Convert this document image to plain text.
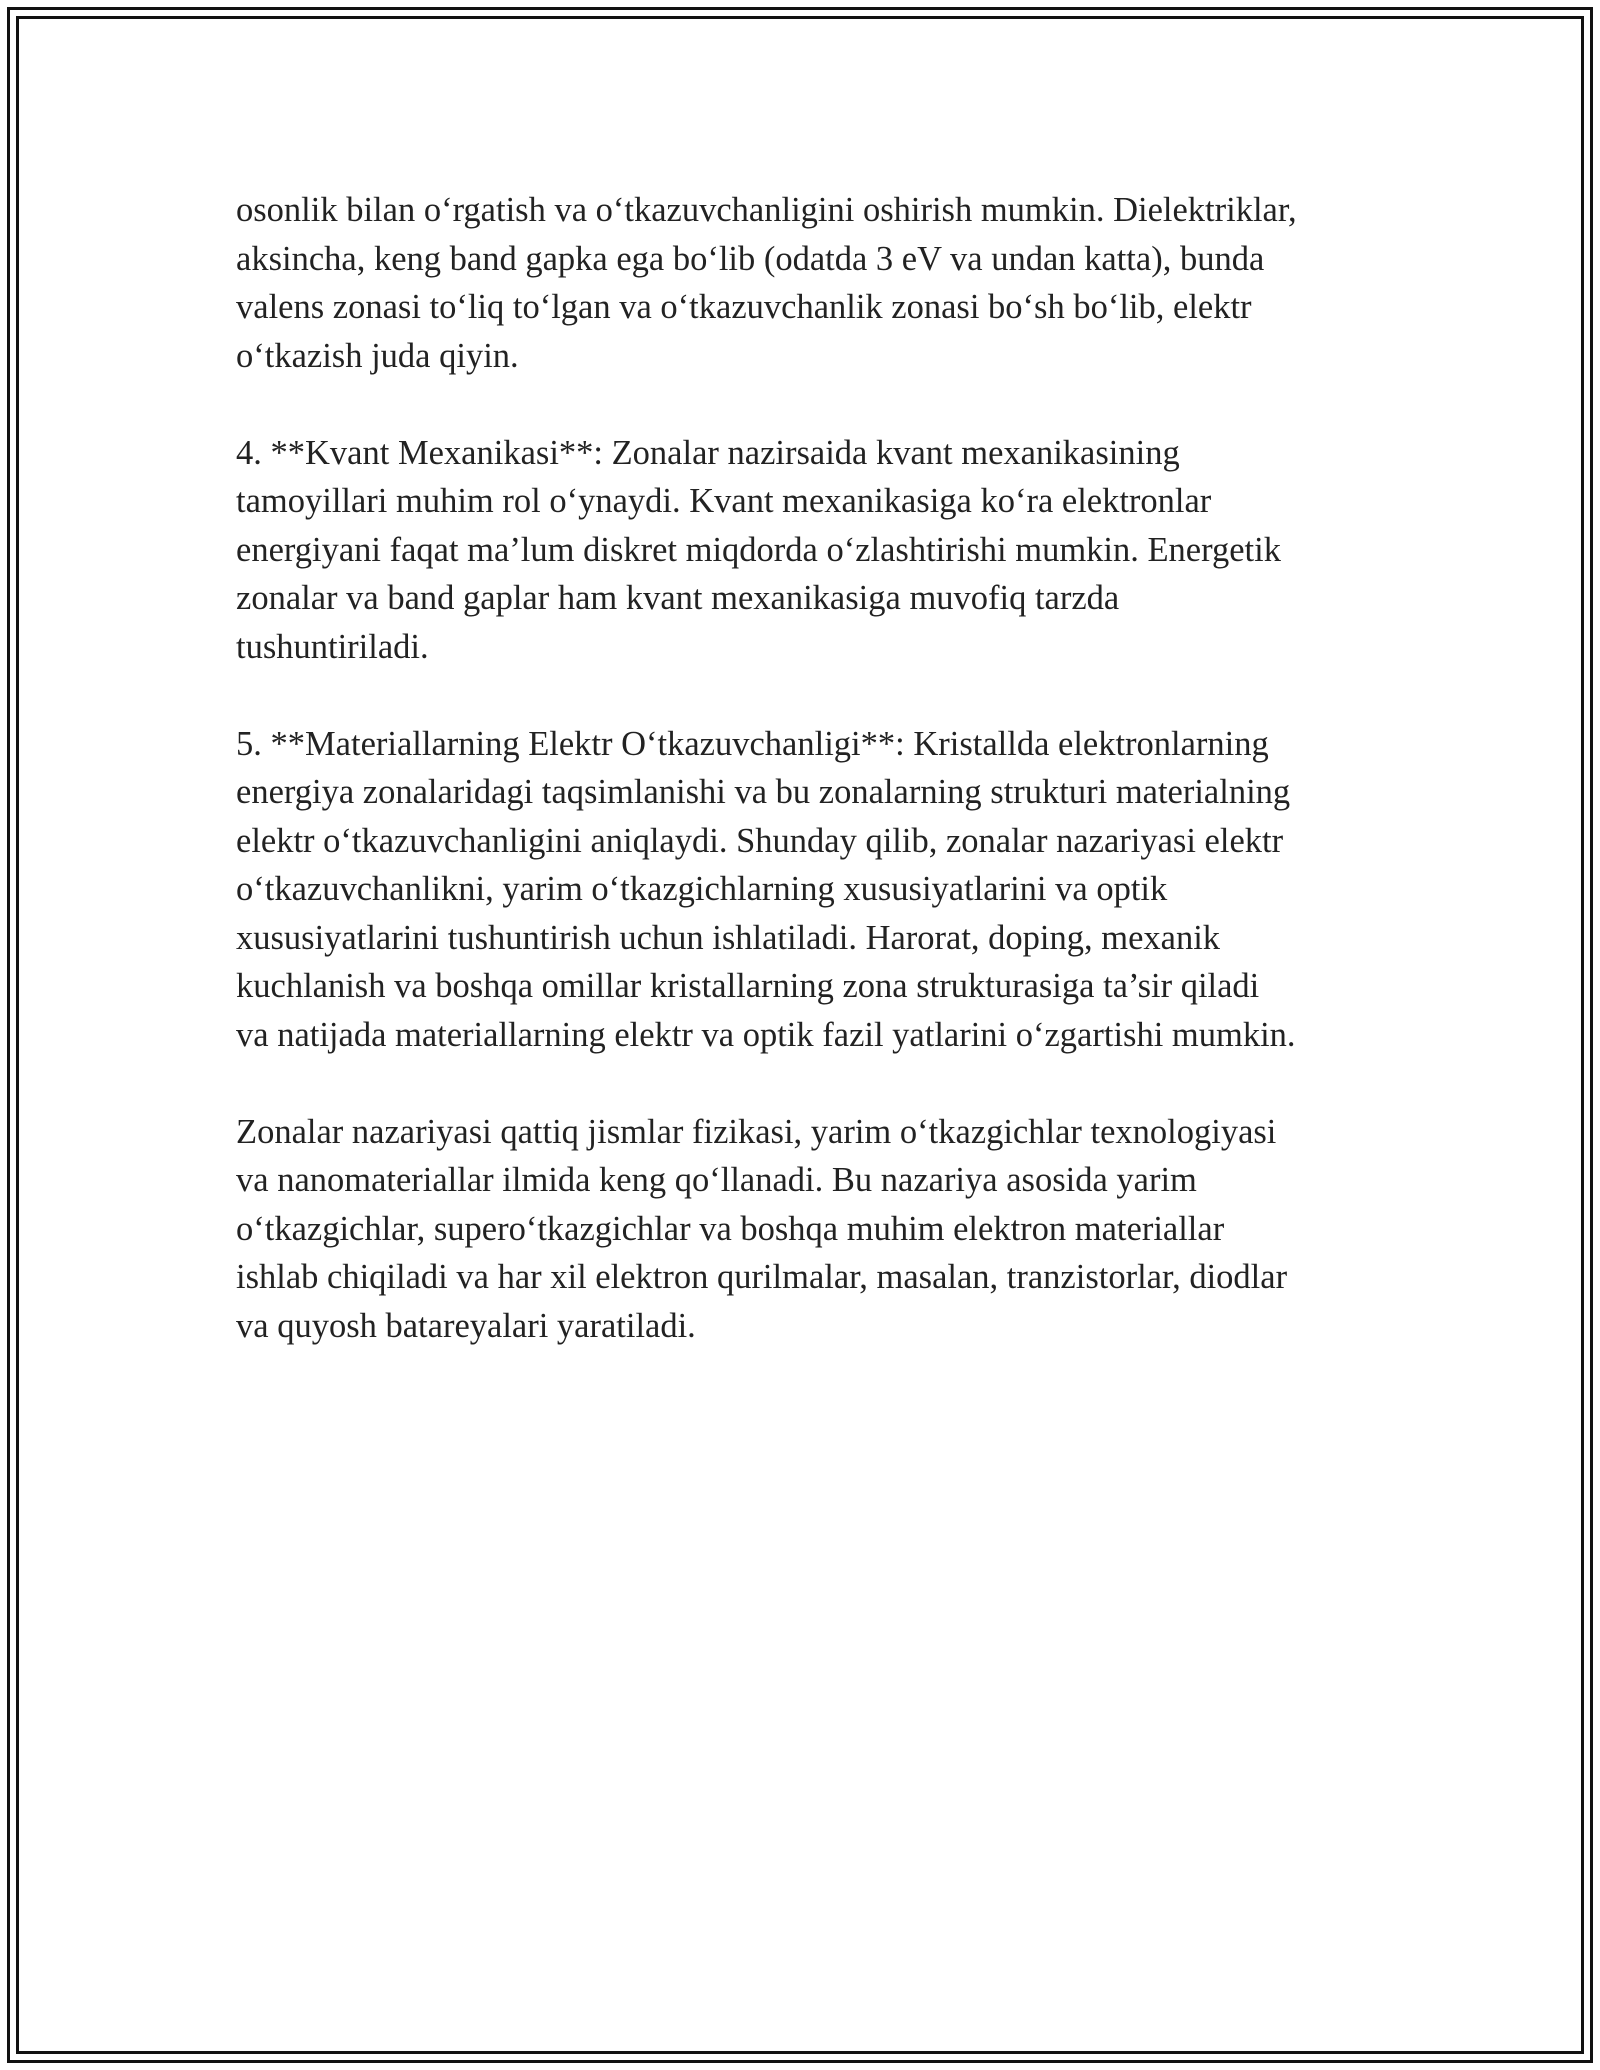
osonlik bilan o‘rgatish va o‘tkazuvchanligini oshirish mumkin. Dielektriklar,
aksincha, keng band gapka ega bo‘lib (odatda 3 eV va undan katta), bunda
valens zonasi to‘liq to‘lgan va o‘tkazuvchanlik zonasi bo‘sh bo‘lib, elektr
o‘tkazish juda qiyin.

4. **Kvant Mexanikasi**: Zonalar nazirsaida kvant mexanikasining
tamoyillari muhim rol o‘ynaydi. Kvant mexanikasiga ko‘ra elektronlar
energiyani faqat ma’lum diskret miqdorda o‘zlashtirishi mumkin. Energetik
zonalar va band gaplar ham kvant mexanikasiga muvofiq tarzda
tushuntiriladi.

5. **Materiallarning Elektr O‘tkazuvchanligi**: Kristallda elektronlarning
energiya zonalaridagi taqsimlanishi va bu zonalarning strukturi materialning
elektr o‘tkazuvchanligini aniqlaydi. Shunday qilib, zonalar nazariyasi elektr
o‘tkazuvchanlikni, yarim o‘tkazgichlarning xususiyatlarini va optik
xususiyatlarini tushuntirish uchun ishlatiladi. Harorat, doping, mexanik
kuchlanish va boshqa omillar kristallarning zona strukturasiga ta’sir qiladi
va natijada materiallarning elektr va optik fazil yatlarini o‘zgartishi mumkin.

Zonalar nazariyasi qattiq jismlar fizikasi, yarim o‘tkazgichlar texnologiyasi
va nanomateriallar ilmida keng qo‘llanadi. Bu nazariya asosida yarim
o‘tkazgichlar, supero‘tkazgichlar va boshqa muhim elektron materiallar
ishlab chiqiladi va har xil elektron qurilmalar, masalan, tranzistorlar, diodlar
va quyosh batareyalari yaratiladi.
